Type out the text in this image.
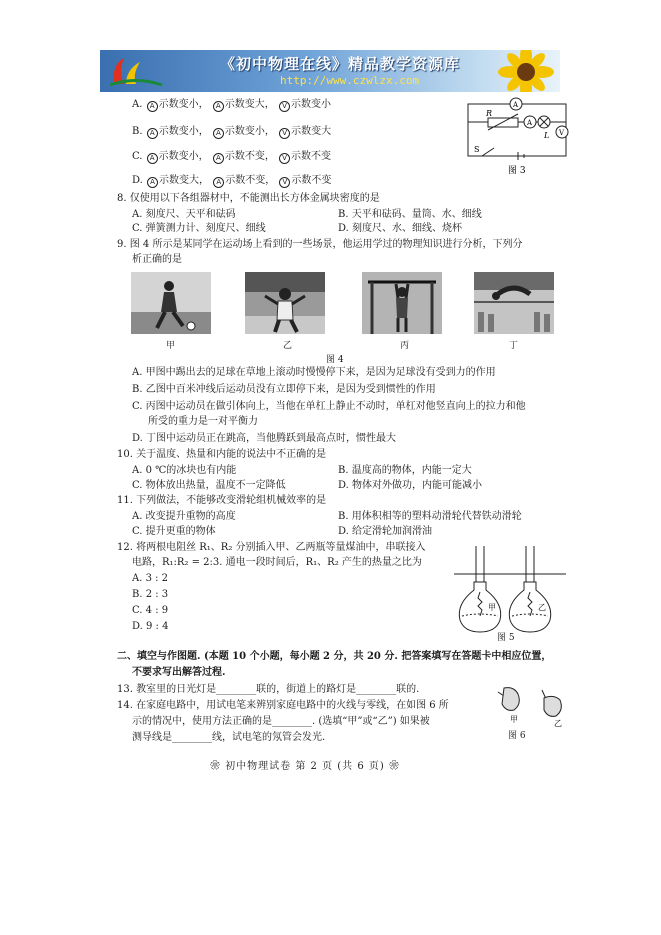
《初中物理在线》精品教学资源库
http://www.czwlzx.com
A. A 示数变小， A 示数变大， V 示数变小
B. A 示数变小， A 示数变小， V 示数变大
C. A 示数变小， A 示数不变， V 示数不变
D. A 示数变大， A 示数不变， V 示数不变
A
A
V
R
L
S
图 3
8. 仅使用以下各组器材中，不能测出长方体金属块密度的是
A. 刻度尺、天平和砝码	B. 天平和砝码、量筒、水、细线
C. 弹簧测力计、刻度尺、细线	D. 刻度尺、水、细线、烧杯
9. 图 4 所示是某同学在运动场上看到的一些场景，他运用学过的物理知识进行分析，下列分
析正确的是
甲	乙	丙	丁
图 4
A. 甲图中踢出去的足球在草地上滚动时慢慢停下来，是因为足球没有受到力的作用
B. 乙图中百米冲线后运动员没有立即停下来，是因为受到惯性的作用
C. 丙图中运动员在做引体向上，当他在单杠上静止不动时，单杠对他竖直向上的拉力和他
所受的重力是一对平衡力
D. 丁图中运动员正在跳高，当他腾跃到最高点时，惯性最大
10. 关于温度、热量和内能的说法中不正确的是
A. 0 ℃的冰块也有内能	B. 温度高的物体，内能一定大
C. 物体放出热量，温度不一定降低	D. 物体对外做功，内能可能减小
11. 下列做法，不能够改变滑轮组机械效率的是
A. 改变提升重物的高度	B. 用体积相等的塑料动滑轮代替铁动滑轮
C. 提升更重的物体	D. 给定滑轮加润滑油
12. 将两根电阻丝 R₁、R₂ 分别插入甲、乙两瓶等量煤油中，串联接入
电路，R₁:R₂ = 2:3. 通电一段时间后，R₁、R₂ 产生的热量之比为
A. 3 : 2
B. 2 : 3
C. 4 : 9
D. 9 : 4
甲	乙
图 5
二、填空与作图题. (本题 10 个小题，每小题 2 分，共 20 分. 把答案填写在答题卡中相应位置，
不要求写出解答过程.
13. 教室里的日光灯是________联的，街道上的路灯是________联的.
14. 在家庭电路中，用试电笔来辨别家庭电路中的火线与零线，在如图 6 所
示的情况中，使用方法正确的是________. (选填“甲”或“乙”) 如果被
测导线是________线，试电笔的氖管会发光.
甲	乙
图 6
❀ 初中物理试卷 第 2 页 (共 6 页) ❀
